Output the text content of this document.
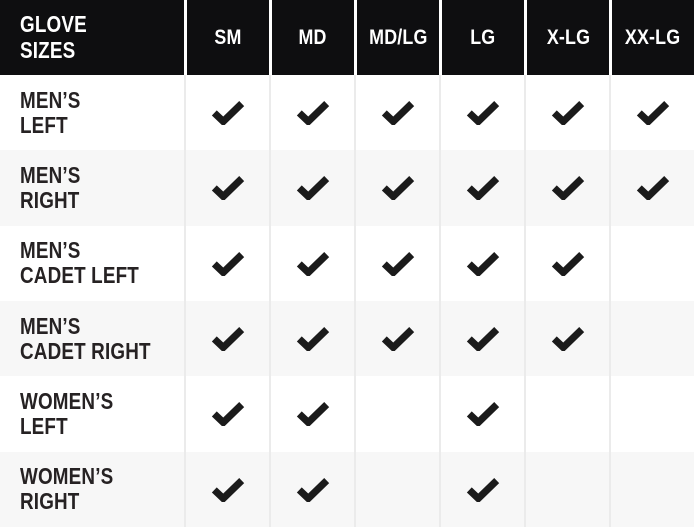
GLOVE
SIZES	SM	MD MD/LG LG X-LG XX-LG
MEN’S
LEFT
MEN’S
RIGHT
MEN’S
CADET LEFT
MEN’S
CADET RIGHT
WOMEN’S
LEFT
WOMEN’S
RIGHT
